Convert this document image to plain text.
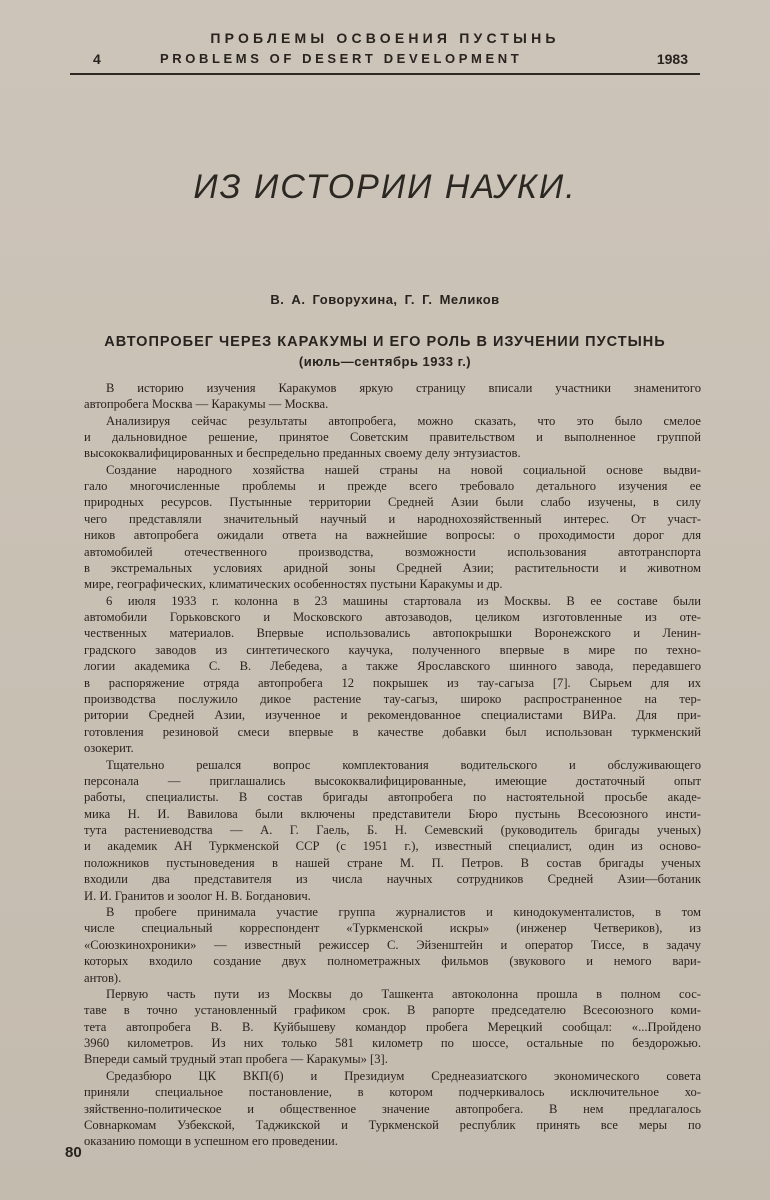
ПРОБЛЕМЫ ОСВОЕНИЯ ПУСТЫНЬ
4	PROBLEMS OF DESERT DEVELOPMENT	1983
ИЗ ИСТОРИИ НАУКИ.
В. А. Говорухина, Г. Г. Меликов
АВТОПРОБЕГ ЧЕРЕЗ КАРАКУМЫ И ЕГО РОЛЬ В ИЗУЧЕНИИ ПУСТЫНЬ
(июль—сентябрь 1933 г.)
В историю изучения Каракумов яркую страницу вписали участники знаменитого
автопробега Москва — Каракумы — Москва.
Анализируя сейчас результаты автопробега, можно сказать, что это было смелое
и дальновидное решение, принятое Советским правительством и выполненное группой
высококвалифицированных и беспредельно преданных своему делу энтузиастов.
Создание народного хозяйства нашей страны на новой социальной основе выдви-
гало многочисленные проблемы и прежде всего требовало детального изучения ее
природных ресурсов. Пустынные территории Средней Азии были слабо изучены, в силу
чего представляли значительный научный и народнохозяйственный интерес. От участ-
ников автопробега ожидали ответа на важнейшие вопросы: о проходимости дорог для
автомобилей отечественного производства, возможности использования автотранспорта
в экстремальных условиях аридной зоны Средней Азии; растительности и животном
мире, географических, климатических особенностях пустыни Каракумы и др.
6 июля 1933 г. колонна в 23 машины стартовала из Москвы. В ее составе были
автомобили Горьковского и Московского автозаводов, целиком изготовленные из оте-
чественных материалов. Впервые использовались автопокрышки Воронежского и Ленин-
градского заводов из синтетического каучука, полученного впервые в мире по техно-
логии академика С. В. Лебедева, а также Ярославского шинного завода, передавшего
в распоряжение отряда автопробега 12 покрышек из тау-сагыза [7]. Сырьем для их
производства послужило дикое растение тау-сагыз, широко распространенное на тер-
ритории Средней Азии, изученное и рекомендованное специалистами ВИРа. Для при-
готовления резиновой смеси впервые в качестве добавки был использован туркменский
озокерит.
Тщательно решался вопрос комплектования водительского и обслуживающего
персонала — приглашались высококвалифицированные, имеющие достаточный опыт
работы, специалисты. В состав бригады автопробега по настоятельной просьбе акаде-
мика Н. И. Вавилова были включены представители Бюро пустынь Всесоюзного инсти-
тута растениеводства — А. Г. Гаель, Б. Н. Семевский (руководитель бригады ученых)
и академик АН Туркменской ССР (с 1951 г.), известный специалист, один из осново-
положников пустыноведения в нашей стране М. П. Петров. В состав бригады ученых
входили два представителя из числа научных сотрудников Средней Азии—ботаник
И. И. Гранитов и зоолог Н. В. Богданович.
В пробеге принимала участие группа журналистов и кинодокументалистов, в том
числе специальный корреспондент «Туркменской искры» (инженер Четвериков), из
«Союзкинохроники» — известный режиссер С. Эйзенштейн и оператор Тиссе, в задачу
которых входило создание двух полнометражных фильмов (звукового и немого вари-
антов).
Первую часть пути из Москвы до Ташкента автоколонна прошла в полном сос-
таве в точно установленный графиком срок. В рапорте председателю Всесоюзного коми-
тета автопробега В. В. Куйбышеву командор пробега Мерецкий сообщал: «...Пройдено
3960 километров. Из них только 581 километр по шоссе, остальные по бездорожью.
Впереди самый трудный этап пробега — Каракумы» [3].
Средазбюро ЦК ВКП(б) и Президиум Среднеазиатского экономического совета
приняли специальное постановление, в котором подчеркивалось исключительное хо-
зяйственно-политическое и общественное значение автопробега. В нем предлагалось
Совнаркомам Узбекской, Таджикской и Туркменской республик принять все меры по
оказанию помощи в успешном его проведении.
80
